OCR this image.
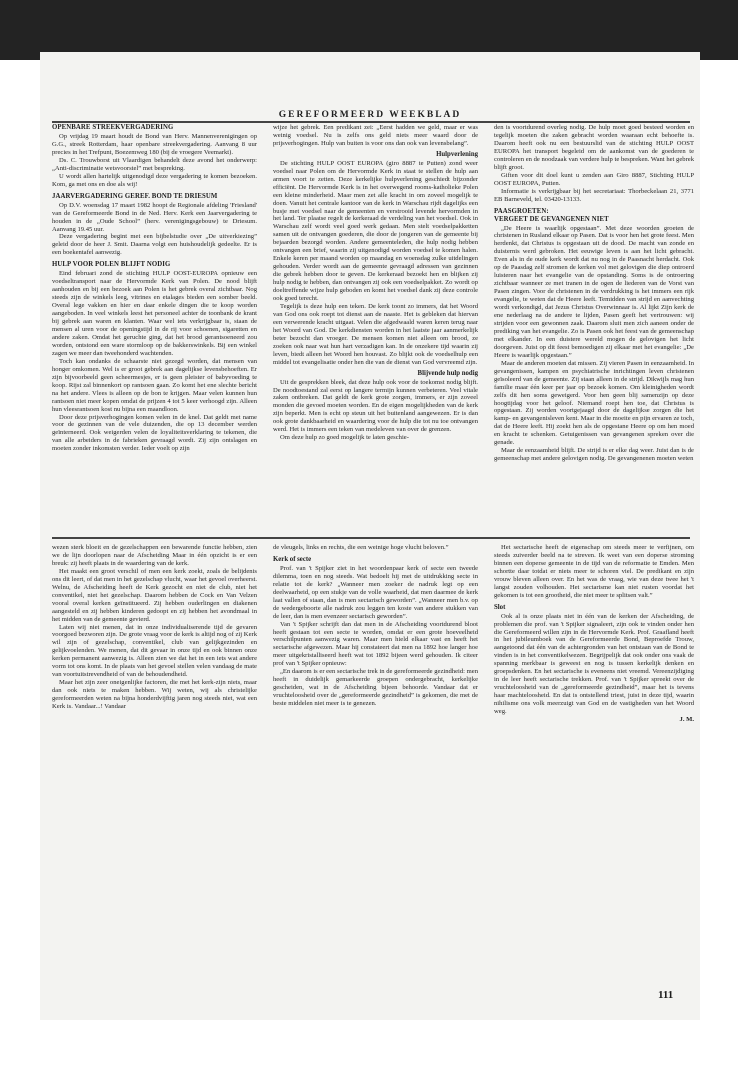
GEREFORMEERD WEEKBLAD
OPENBARE STREEKVERGADERING

Op vrijdag 19 maart houdt de Bond van Herv. Mannenverenigingen op G.G., streek Rotterdam, haar openbare streekvergadering. Aanvang 8 uur precies in het Trefpunt, Boezemweg 180 (bij de vroegere Veemarkt).

Ds. C. Trouwborst uit Vlaardigen behandelt deze avond het onderwerp: „Anti-discriminatie wetsvoorstel” met bespreking.

U wordt allen hartelijk uitgenodigd deze vergadering te komen bezoeken. Kom, ga met ons en doe als wij!

JAARVERGADERING GEREF. BOND TE DRIESUM

Op D.V. woensdag 17 maart 1982 hoopt de Regionale afdeling 'Friesland' van de Gereformeerde Bond in de Ned. Herv. Kerk een Jaarvergadering te houden in de „Oude School” (herv. verenigingsgebouw) te Driesum. Aanvang 19.45 uur.

Deze vergadering begint met een bijbelstudie over „De uitverkiezing” geleid door de heer J. Smit. Daarna volgt een huishoudelijk gedeelte. Er is een boekentafel aanwezig.

HULP VOOR POLEN BLIJFT NODIG

Eind februari zond de stichting HULP OOST-EUROPA opnieuw een voedseltransport naar de Hervormde Kerk van Polen. De nood blijft aanhouden en bij een bezoek aan Polen is het gebrek overal zichtbaar. Nog steeds zijn de winkels leeg, vitrines en etalages bieden een somber beeld. Overal lege vakken en hier en daar enkele dingen die te koop worden aangeboden. In veel winkels leest het personeel achter de toonbank de krant bij gebrek aan waren en klanten. Waar wel iets verkrijgbaar is, staan de mensen al uren voor de openingstijd in de rij voor schoenen, sigaretten en andere zaken. Omdat het geruchte ging, dat het brood gerantsoeneerd zou worden, ontstond een ware stormloop op de bakkerswinkels. Bij een winkel zagen we meer dan tweehonderd wachtenden.

Toch kan ondanks de schaarste niet gezegd worden, dat mensen van honger omkomen. Wel is er groot gebrek aan dagelijkse levensbehoeften. Er zijn bijvoorbeeld geen scheermesjes, er is geen pleister of babyvoeding te koop. Rijst zal binnenkort op rantsoen gaan. Zo komt het ene slechte bericht na het andere. Vlees is alleen op de bon te krijgen. Maar velen kunnen hun rantsoen niet meer kopen omdat de prijzen 4 tot 5 keer verhoogd zijn. Alleen hun vleesrantsoen kost nu bijna een maandloon.

Door deze prijsverhogingen komen velen in de knel. Dat geldt met name voor de gezinnen van de vele duizenden, die op 13 december werden geïnterneerd. Ook weigerden velen de loyaliteitsverklaring te tekenen, die van alle arbeiders in de fabrieken gevraagd wordt. Zij zijn ontslagen en moeten zonder inkomsten verder. Ieder voelt op zijn

wijze het gebrek. Een predikant zei: „Eerst hadden we geld, maar er was weinig voedsel. Nu is zelfs ons geld niets meer waard door de prijsverhogingen. Hulp van buiten is voor ons dan ook van levensbelang”.

Hulpverlening

De stichting HULP OOST EUROPA (giro 8887 te Putten) zond weer voedsel naar Polen om de Hervormde Kerk in staat te stellen de hulp aan armen voort te zetten. Deze kerkelijke hulpverlening geschiedt bijzonder efficiënt. De Hervormde Kerk is in het overwegend rooms-katholieke Polen een kleine minderheid. Maar men zet alle kracht in om zoveel mogelijk te doen. Vanuit het centrale kantoor van de kerk in Warschau rijdt dagelijks een busje met voedsel naar de gemeenten en verstrooid levende hervormden in het land. Ter plaatse regelt de kerkeraad de verdeling van het voedsel. Ook in Warschau zelf wordt veel goed werk gedaan. Men stelt voedselpakketten samen uit de ontvangen goederen, die door de jongeren van de gemeente bij bejaarden bezorgd worden. Andere gemeenteleden, die hulp nodig hebben ontvangen een brief, waarin zij uitgenodigd worden voedsel te komen halen. Enkele keren per maand worden op maandag en woensdag zulke uitdelingen gehouden. Verder wordt aan de gemeente gevraagd adressen van gezinnen die gebrek hebben door te geven. De kerkeraad bezoekt hen en blijken zij hulp nodig te hebben, dan ontvangen zij ook een voedselpakket. Zo wordt op doeltreffende wijze hulp geboden en komt het voedsel dank zij deze controle ook goed terecht.

Tegelijk is deze hulp een teken. De kerk toont zo immers, dat het Woord van God ons ook roept tot dienst aan de naaste. Het is gebleken dat hiervan een verwerende kracht uitgaat. Velen die afgedwaald waren keren terug naar het Woord van God. De kerkdiensten worden in het laatste jaar aanmerkelijk beter bezocht dan vroeger. De mensen komen niet alleen om brood, ze zoeken ook naar wat hun hart verzadigen kan. In de onzekere tijd waarin zij leven, biedt alleen het Woord hen houvast. Zo blijkt ook de voedselhulp een middel tot evangelisatie onder hen die van de dienst van God vervreemd zijn.

Blijvende hulp nodig

Uit de gesprekken bleek, dat deze hulp ook voor de toekomst nodig blijft. De noodtoestand zal eerst op langere termijn kunnen verbeteren. Veel vitale zaken ontbreken. Dat geldt de kerk grote zorgen, immers, er zijn zoveel monden die gevoed moeten worden. En de eigen mogelijkheden van de kerk zijn beperkt. Men is echt op steun uit het buitenland aangewezen. Er is dan ook grote dankbaarheid en waardering voor de hulp die tot nu toe ontvangen werd. Het is immers een teken van medeleven van over de grenzen.

Om deze hulp zo goed mogelijk te laten geschie-

den is voortdurend overleg nodig. De hulp moet goed besteed worden en tegelijk moeten die zaken gebracht worden waaraan echt behoefte is. Daarom heeft ook nu een bestuurslid van de stichting HULP OOST EUROPA het transport begeleid om de aankomst van de goederen te controleren en de noodzaak van verdere hulp te bespreken. Want het gebrek blijft groot.

Giften voor dit doel kunt u zenden aan Giro 8887, Stichting HULP OOST EUROPA, Putten.

Informatie is verkrijgbaar bij het secretariaat: Thorbeckelaan 21, 3771 EB Barneveld, tel. 03420-13133.

PAASGROETEN:
VERGEET DE GEVANGENEN NIET

„De Heere is waarlijk opgestaan”. Met deze woorden groeten de christenen in Rusland elkaar op Pasen. Dat is voor hen het grote feest. Men herdenkt, dat Christus is opgestaan uit de dood. De macht van zonde en duisternis werd gebroken. Het eeuwige leven is aan het licht gebracht. Even als in de oude kerk wordt dat nu nog in de Paasnacht herdacht. Ook op de Paasdag zelf stromen de kerken vol met gelovigen die diep ontroerd luisteren naar het evangelie van de opstanding. Soms is de ontroering zichtbaar wanneer ze met tranen in de ogen de liederen van de Vorst van Pasen zingen. Voor de christenen in de verdrukking is het immers een rijk evangelie, te weten dat de Heere leeft. Temidden van strijd en aanvechting wordt verkondigd, dat Jezus Christus Overwinnaar is. Al lijkt Zijn kerk de ene nederlaag na de andere te lijden, Pasen geeft het vertrouwen: wij strijden voor een gewonnen zaak. Daarom sluit men zich aaneen onder de prediking van het evangelie. Zo is Pasen ook het feest van de gemeenschap met elkander. In een duistere wereld mogen de gelovigen het licht doorgeven. Juist op dit feest bemoedigen zij elkaar met het evangelie: „De Heere is waarlijk opgestaan.”

Maar de anderen moeten dat missen. Zij vieren Pasen in eenzaamheid. In gevangenissen, kampen en psychiatrische inrichtingen leven christenen geïsoleerd van de gemeente. Zij staan alleen in de strijd. Dikwijls mag hun familie maar één keer per jaar op bezoek komen. Om kleinigheden wordt zelfs dit hen soms geweigerd. Voor hen geen blij samenzijn op deze hoogtijdag voor het geloof. Niemand roept hen toe, dat Christus is opgestaan. Zij worden voortgejaagd door de dagelijkse zorgen die het kamp- en gevangenisleven kent. Maar in die moeite en pijn ervaren ze toch, dat de Heere leeft. Hij zoekt hen als de opgestane Heere op om hen moed en kracht te schenken. Getuigenissen van gevangenen spreken over die genade.

Maar de eenzaamheid blijft. De strijd is er elke dag weer. Juist dan is de gemeenschap met andere gelovigen nodig. De gevangenenen moeten weten

wezen sterk bloeit en de gezelschappen een bewarende functie hebben, zien we de lijn doorlopen naar de Afscheiding Maar in één opzicht is er een breuk: zij heeft plaats in de waardering van de kerk.

Het maakt een groot verschil of men een kerk zoekt, zoals de belijdenis ons dit leert, of dat men in het gezelschap vlucht, waar het gevoel overheerst. Welnu, de Afscheiding heeft de Kerk gezocht en niet de club, niet het conventikel, niet het gezelschap. Daarom hebben de Cock en Van Velzen vooral overal kerken geïnstitueerd. Zij hebben ouderlingen en diakenen aangesteld en zij hebben kinderen gedoopt en zij hebben het avondmaal in het midden van de gemeente gevierd.

Laten wij niet menen, dat in onze individualiserende tijd de gevaren voorgoed bezworen zijn. De grote vraag voor de kerk is altijd nog of zij Kerk wil zijn of gezelschap, conventikel, club van gelijkgezinden en gelijkvoelenden. We menen, dat dit gevaar in onze tijd en ook binnen onze kerken permanent aanwezig is. Alleen zien we dat het in een iets wat andere vorm tot ons komt. In de plaats van het gevoel stellen velen vandaag de mate van voortuitstrevendheid of van de behoudendheid.

Maar het zijn zeer oneigenlijke factoren, die met het kerk-zijn niets, maar dan ook niets te maken hebben. Wij weten, wij als christelijke gereformeerden weten na bijna honderdvijftig jaren nog steeds niet, wat een Kerk is. Vandaar...! Vandaar

de vleugels, links en rechts, die een weinige hoge vlucht beloven.”

Kerk of secte

Prof. van 't Spijker ziet in het woordenpaar kerk of secte een tweede dilemma, toen en nog steeds. Wat bedoelt hij met de uitdrukking secte in relatie tot de kerk? „Wanneer men zoeker de nadruk legt op een deelwaarheid, op een stukje van de volle waarheid, dat men daarmee de kerk laat vallen of staan, dan is men sectarisch geworden”. „Wanneer men b.v. op de wedergeboorte alle nadruk zou leggen ten koste van andere stukken van de leer, dan is men evenzeer sectarisch geworden”.

Van 't Spijker schrijft dan dat men in de Afscheiding voortdurend bloot heeft gestaan tot een secte te worden, omdat er een grote hoeveelheid verschilpunten aanwezig waren. Maar men hield elkaar vast en heeft het sectarische afgewezen. Maar hij constateert dat men na 1892 hoe langer hoe meer uitgekristalliseerd heeft wat tot 1892 bijeen werd gehouden. Ik citeer prof van 't Spijker opnieuw:

„En daarom is er een sectarische trek in de gereformeerde gezindheid: men heeft in duidelijk gemarkeerde groepen ondergebracht, kerkelijke gescheiden, wat in de Afscheiding bijeen behoorde. Vandaar dat er vruchteloosheid over de „gereformeerde gezindheid” is gekomen, die met de beste middelen niet meer is te genezen.

Het sectarische heeft de eigenschap om steeds meer te verfijnen, om steeds zuiverder beeld na te streven. Ik weet van een doperse stroming binnen een doperse gemeente in de tijd van de reformatie te Emden. Men schortte daar totdat er niets meer te schoren viel. De predikant en zijn vrouw bleven alleen over. En het was de vraag, wie van deze twee het 't langst zouden volhouden. Het sectarisme kan niet rusten voordat het gekomen is tot een grootheid, die niet meer te splitsen valt.”

Slot

Ook al is onze plaats niet in één van de kerken der Afscheiding, de problemen die prof. van 't Spijker signaleert, zijn ook te vinden onder hen die Gereformeerd willen zijn in de Hervormde Kerk. Prof. Graafland heeft in het jubileumboek van de Gereformeerde Bond, Beproefde Trouw, aangetoond dat één van de achtergronden van het ontstaan van de Bond te vinden is in het conventikelwezen. Begrijpelijk dat ook onder ons vaak de spanning merkbaar is geweest en nog is tussen kerkelijk denken en groepsdenken. En het sectarische is eveneens niet vreemd. Vereenzijdiging in de leer heeft sectarische trekken. Prof. van 't Spijker spreekt over de vruchteloosheid van de „gereformeerde gezindheid”, maar het is tevens haar machteloosheid. En dat is ontstellend triest, juist in deze tijd, waarin nihilisme ons volk meerzuigt van God en de vastigheden van het Woord weg.

J. M.
111
